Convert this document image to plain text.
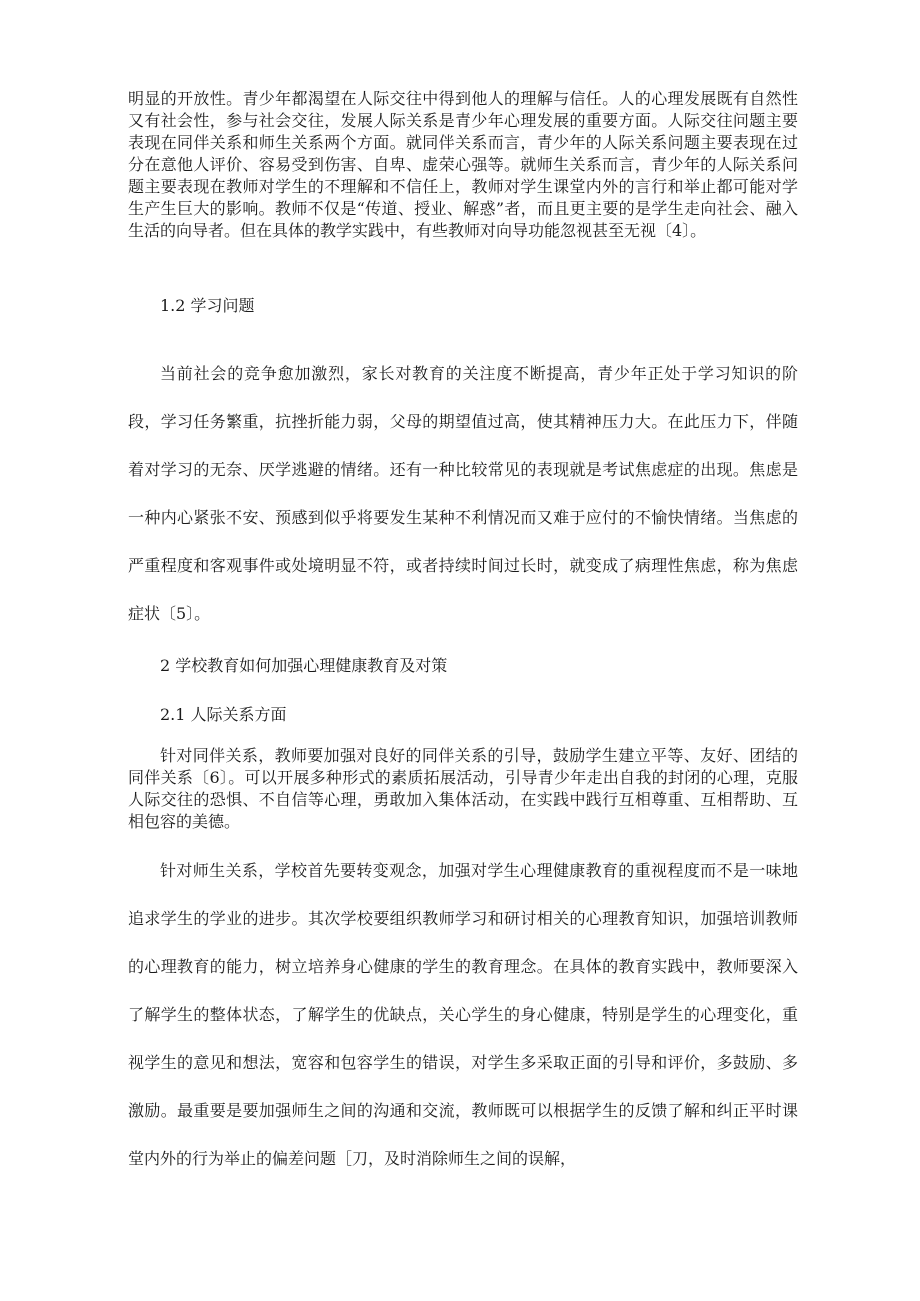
明显的开放性。青少年都渴望在人际交往中得到他人的理解与信任。人的心理发展既有自然性又有社会性，参与社会交往，发展人际关系是青少年心理发展的重要方面。人际交往问题主要表现在同伴关系和师生关系两个方面。就同伴关系而言，青少年的人际关系问题主要表现在过分在意他人评价、容易受到伤害、自卑、虚荣心强等。就师生关系而言，青少年的人际关系问题主要表现在教师对学生的不理解和不信任上，教师对学生课堂内外的言行和举止都可能对学生产生巨大的影响。教师不仅是“传道、授业、解惑”者，而且更主要的是学生走向社会、融入生活的向导者。但在具体的教学实践中，有些教师对向导功能忽视甚至无视〔4〕。

1.2 学习问题

当前社会的竞争愈加激烈，家长对教育的关注度不断提高，青少年正处于学习知识的阶段，学习任务繁重，抗挫折能力弱，父母的期望值过高，使其精神压力大。在此压力下，伴随着对学习的无奈、厌学逃避的情绪。还有一种比较常见的表现就是考试焦虑症的出现。焦虑是一种内心紧张不安、预感到似乎将要发生某种不利情况而又难于应付的不愉快情绪。当焦虑的严重程度和客观事件或处境明显不符，或者持续时间过长时，就变成了病理性焦虑，称为焦虑症状〔5〕。

2 学校教育如何加强心理健康教育及对策

2.1 人际关系方面

针对同伴关系，教师要加强对良好的同伴关系的引导，鼓励学生建立平等、友好、团结的同伴关系〔6〕。可以开展多种形式的素质拓展活动，引导青少年走出自我的封闭的心理，克服人际交往的恐惧、不自信等心理，勇敢加入集体活动，在实践中践行互相尊重、互相帮助、互相包容的美德。

针对师生关系，学校首先要转变观念，加强对学生心理健康教育的重视程度而不是一味地追求学生的学业的进步。其次学校要组织教师学习和研讨相关的心理教育知识，加强培训教师的心理教育的能力，树立培养身心健康的学生的教育理念。在具体的教育实践中，教师要深入了解学生的整体状态，了解学生的优缺点，关心学生的身心健康，特别是学生的心理变化，重视学生的意见和想法，宽容和包容学生的错误，对学生多采取正面的引导和评价，多鼓励、多激励。最重要是要加强师生之间的沟通和交流，教师既可以根据学生的反馈了解和纠正平时课堂内外的行为举止的偏差问题［刀，及时消除师生之间的误解，
